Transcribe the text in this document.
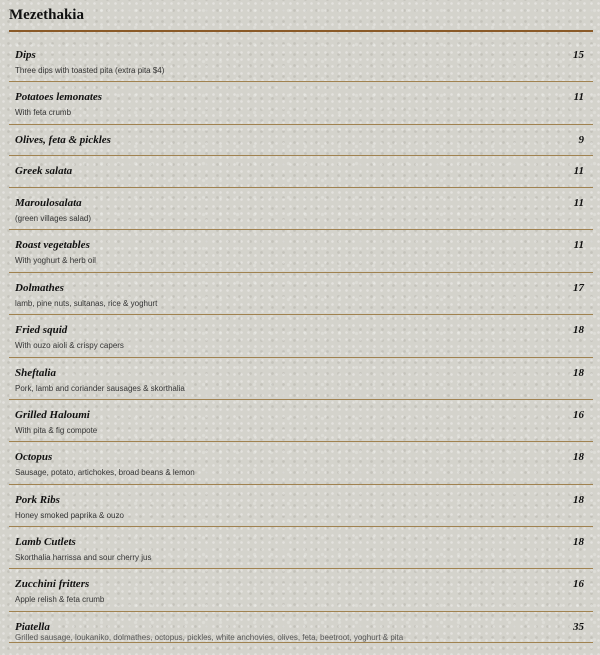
Mezethakia
Dips	15
Three dips with toasted pita (extra pita $4)
Potatoes lemonates	11
With feta crumb
Olives, feta & pickles	9
Greek salata	11
Maroulosalata	11
(green villages salad)
Roast vegetables	11
With yoghurt & herb oil
Dolmathes	17
lamb, pine nuts, sultanas, rice & yoghurt
Fried squid	18
With ouzo aioli & crispy capers
Sheftalia	18
Pork, lamb and coriander sausages & skorthalia
Grilled Haloumi	16
With pita & fig compote
Octopus	18
Sausage, potato, artichokes, broad beans & lemon
Pork Ribs	18
Honey smoked paprika & ouzo
Lamb Cutlets	18
Skorthalia harrissa and sour cherry jus
Zucchini fritters	16
Apple relish & feta crumb
Piatella	35
Grilled sausage, loukaniko, dolmathes, octopus, pickles, white anchovies, olives, feta, beetroot, yoghurt & pita
